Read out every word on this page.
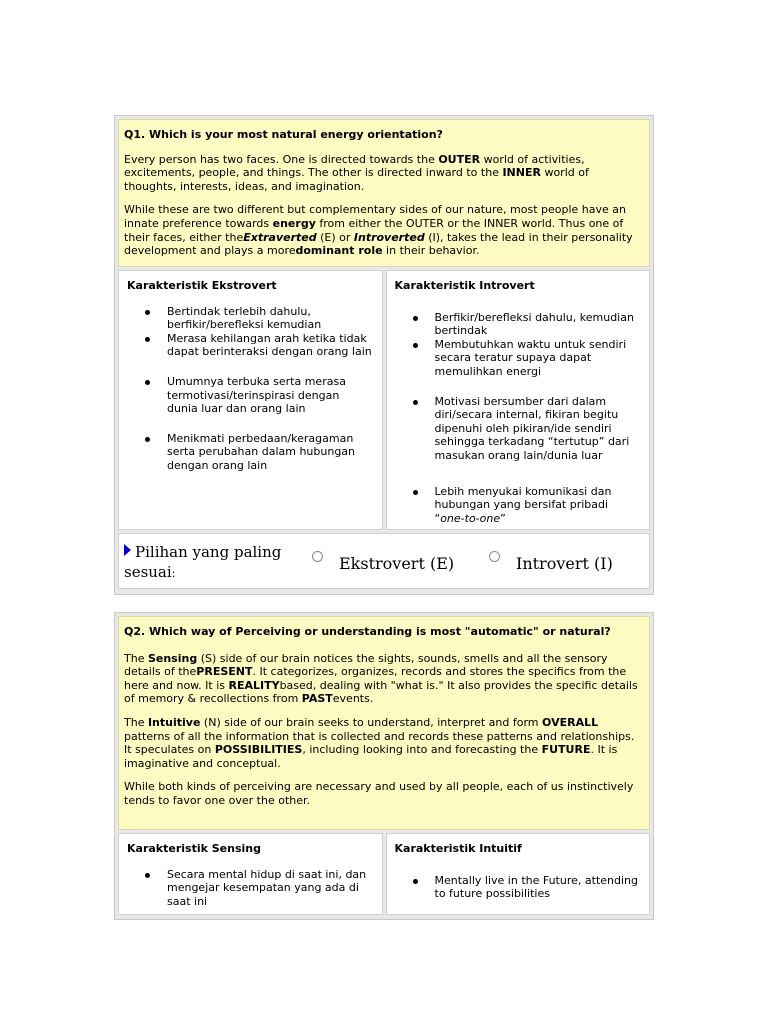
Q1. Which is your most natural energy orientation?

Every person has two faces. One is directed towards the OUTER world of activities, excitements, people, and things. The other is directed inward to the INNER world of thoughts, interests, ideas, and imagination.

While these are two different but complementary sides of our nature, most people have an innate preference towards energy from either the OUTER or the INNER world. Thus one of their faces, either theExtraverted (E) or Introverted (I), takes the lead in their personality development and plays a moredominant role in their behavior.

Karakteristik Ekstrovert
Bertindak terlebih dahulu, berfikir/berefleksi kemudian
Merasa kehilangan arah ketika tidak dapat berinteraksi dengan orang lain
Umumnya terbuka serta merasa termotivasi/terinspirasi dengan dunia luar dan orang lain
Menikmati perbedaan/keragaman serta perubahan dalam hubungan dengan orang lain
Karakteristik Introvert
Berfikir/berefleksi dahulu, kemudian bertindak
Membutuhkan waktu untuk sendiri secara teratur supaya dapat memulihkan energi
Motivasi bersumber dari dalam diri/secara internal, fikiran begitu dipenuhi oleh pikiran/ide sendiri sehingga terkadang “tertutup” dari masukan orang lain/dunia luar
Lebih menyukai komunikasi dan hubungan yang bersifat pribadi “one-to-one”
Pilihan yang paling
sesuai:
Ekstrovert (E)	Introvert (I)
Q2. Which way of Perceiving or understanding is most "automatic" or natural?

The Sensing (S) side of our brain notices the sights, sounds, smells and all the sensory details of thePRESENT. It categorizes, organizes, records and stores the specifics from the here and now. It is REALITYbased, dealing with "what is." It also provides the specific details of memory & recollections from PASTevents.

The Intuitive (N) side of our brain seeks to understand, interpret and form OVERALL patterns of all the information that is collected and records these patterns and relationships. It speculates on POSSIBILITIES, including looking into and forecasting the FUTURE. It is imaginative and conceptual.

While both kinds of perceiving are necessary and used by all people, each of us instinctively tends to favor one over the other.

Karakteristik Sensing
Secara mental hidup di saat ini, dan mengejar kesempatan yang ada di saat ini
Karakteristik Intuitif
Mentally live in the Future, attending to future possibilities
